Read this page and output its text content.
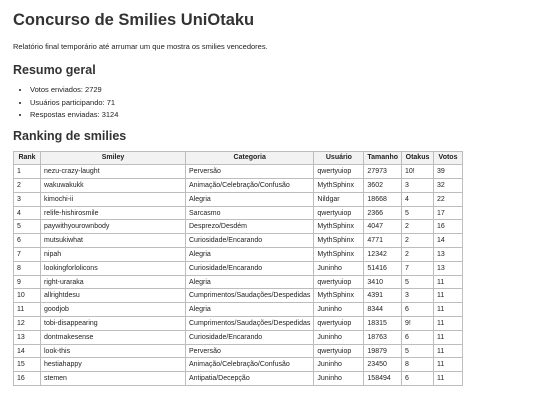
Concurso de Smilies UniOtaku

Relatório final temporário até arrumar um que mostra os smilies vencedores.

Resumo geral
• Votos enviados: 2729
• Usuários participando: 71
• Respostas enviadas: 3124
Ranking de smilies
Rank	Smiley	Categoria	Usuário	Tamanho	Otakus	Votos
1	nezu-crazy-laught	Perversão	qwertyuiop	27973	10!	39
2	wakuwakukk	Animação/Celebração/Confusão	MythSphinx	3602	3	32
3	kimochi-ii	Alegria	Nildgar	18668	4	22
4	relife-hishirosmile	Sarcasmo	qwertyuiop	2366	5	17
5	paywithyourownbody	Desprezo/Desdém	MythSphinx	4047	2	16
6	mutsukiwhat	Curiosidade/Encarando	MythSphinx	4771	2	14
7	nipah	Alegria	MythSphinx	12342	2	13
8	lookingforlolicons	Curiosidade/Encarando	Juninho	51416	7	13
9	right-uraraka	Alegria	qwertyuiop	3410	5	11
10	allrightdesu	Cumprimentos/Saudações/Despedidas	MythSphinx	4391	3	11
11	goodjob	Alegria	Juninho	8344	6	11
12	tobi-disappearing	Cumprimentos/Saudações/Despedidas	qwertyuiop	18315	9!	11
13	dontmakesense	Curiosidade/Encarando	Juninho	18763	6	11
14	look-this	Perversão	qwertyuiop	19879	5	11
15	hestiahappy	Animação/Celebração/Confusão	Juninho	23450	8	11
16	stemen	Antipatia/Decepção	Juninho	158494	6	11
